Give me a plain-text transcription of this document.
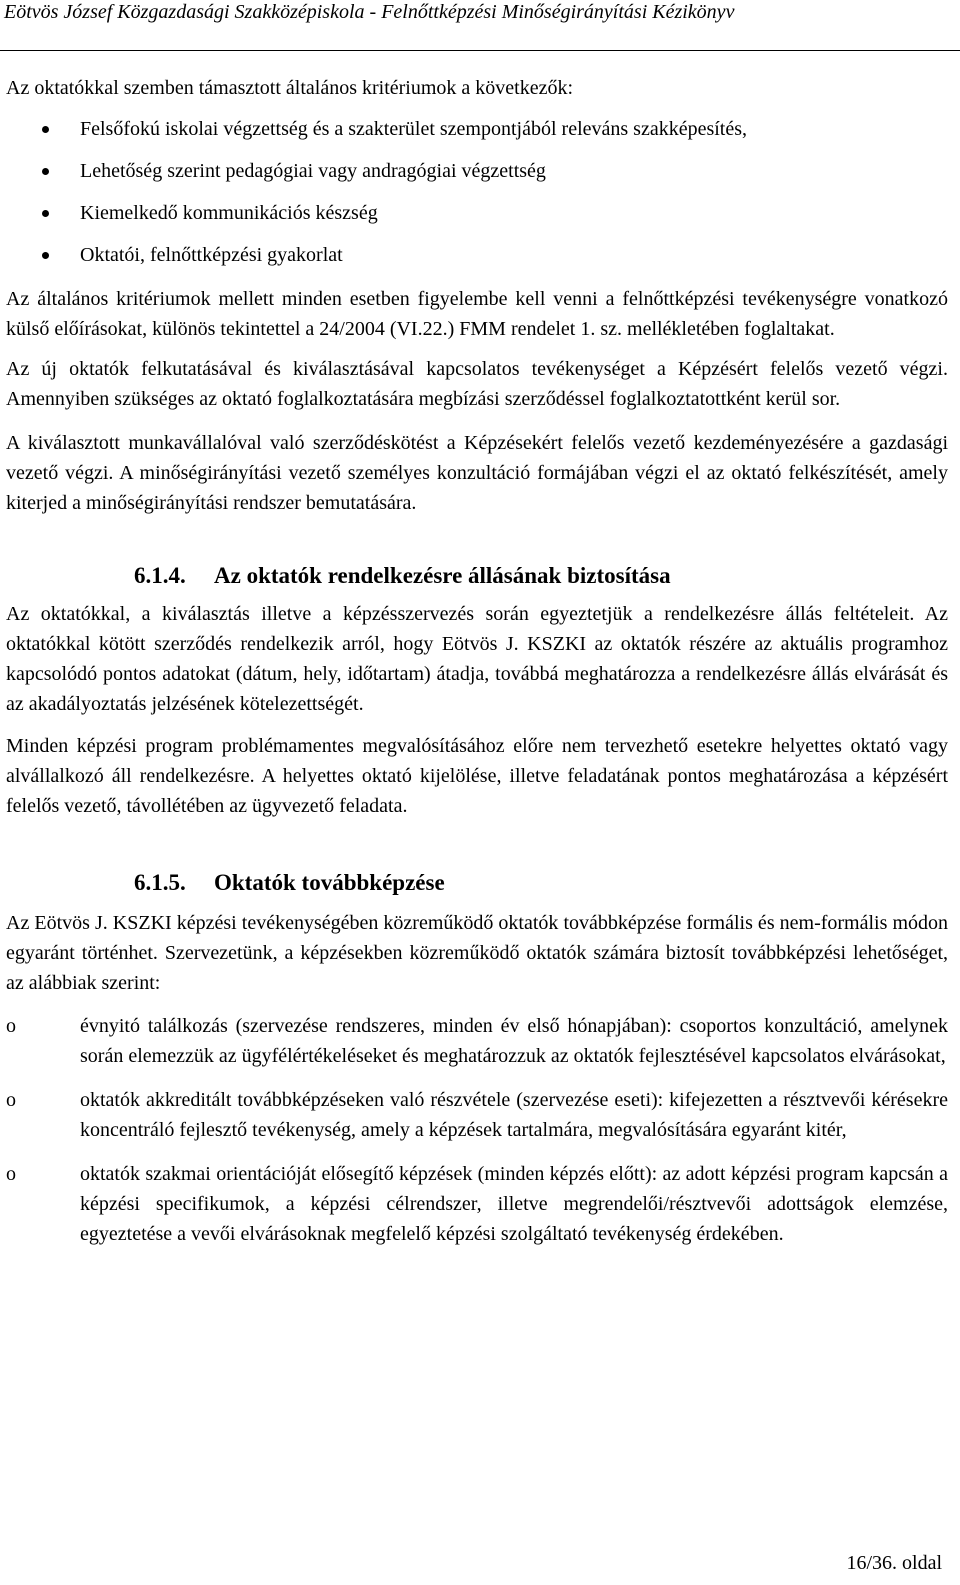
Eötvös József Közgazdasági Szakközépiskola - Felnőttképzési Minőségirányítási Kézikönyv

Az oktatókkal szemben támasztott általános kritériumok a következők:

Felsőfokú iskolai végzettség és a szakterület szempontjából releváns szakképesítés,
Lehetőség szerint pedagógiai vagy andragógiai végzettség
Kiemelkedő kommunikációs készség
Oktatói, felnőttképzési gyakorlat

Az általános kritériumok mellett minden esetben figyelembe kell venni a felnőttképzési tevékenységre vonatkozó külső előírásokat, különös tekintettel a 24/2004 (VI.22.) FMM rendelet 1. sz. mellékletében foglaltakat.

Az új oktatók felkutatásával és kiválasztásával kapcsolatos tevékenységet a Képzésért felelős vezető végzi. Amennyiben szükséges az oktató foglalkoztatására megbízási szerződéssel foglalkoztatottként kerül sor.

A kiválasztott munkavállalóval való szerződéskötést a Képzésekért felelős vezető kezdeményezésére a gazdasági vezető végzi. A minőségirányítási vezető személyes konzultáció formájában végzi el az oktató felkészítését, amely kiterjed a minőségirányítási rendszer bemutatására.

6.1.4. Az oktatók rendelkezésre állásának biztosítása

Az oktatókkal, a kiválasztás illetve a képzésszervezés során egyeztetjük a rendelkezésre állás feltételeit. Az oktatókkal kötött szerződés rendelkezik arról, hogy Eötvös J. KSZKI az oktatók részére az aktuális programhoz kapcsolódó pontos adatokat (dátum, hely, időtartam) átadja, továbbá meghatározza a rendelkezésre állás elvárását és az akadályoztatás jelzésének kötelezettségét.

Minden képzési program problémamentes megvalósításához előre nem tervezhető esetekre helyettes oktató vagy alvállalkozó áll rendelkezésre. A helyettes oktató kijelölése, illetve feladatának pontos meghatározása a képzésért felelős vezető, távollétében az ügyvezető feladata.

6.1.5. Oktatók továbbképzése

Az Eötvös J. KSZKI képzési tevékenységében közreműködő oktatók továbbképzése formális és nem-formális módon egyaránt történhet. Szervezetünk, a képzésekben közreműködő oktatók számára biztosít továbbképzési lehetőséget, az alábbiak szerint:

o	évnyitó találkozás (szervezése rendszeres, minden év első hónapjában): csoportos konzultáció, amelynek során elemezzük az ügyfélértékeléseket és meghatározzuk az oktatók fejlesztésével kapcsolatos elvárásokat,
o	oktatók akkreditált továbbképzéseken való részvétele (szervezése eseti): kifejezetten a résztvevői kérésekre koncentráló fejlesztő tevékenység, amely a képzések tartalmára, megvalósítására egyaránt kitér,
o	oktatók szakmai orientációját elősegítő képzések (minden képzés előtt): az adott képzési program kapcsán a képzési specifikumok, a képzési célrendszer, illetve megrendelői/résztvevői adottságok elemzése, egyeztetése a vevői elvárásoknak megfelelő képzési szolgáltató tevékenység érdekében.
16/36. oldal
